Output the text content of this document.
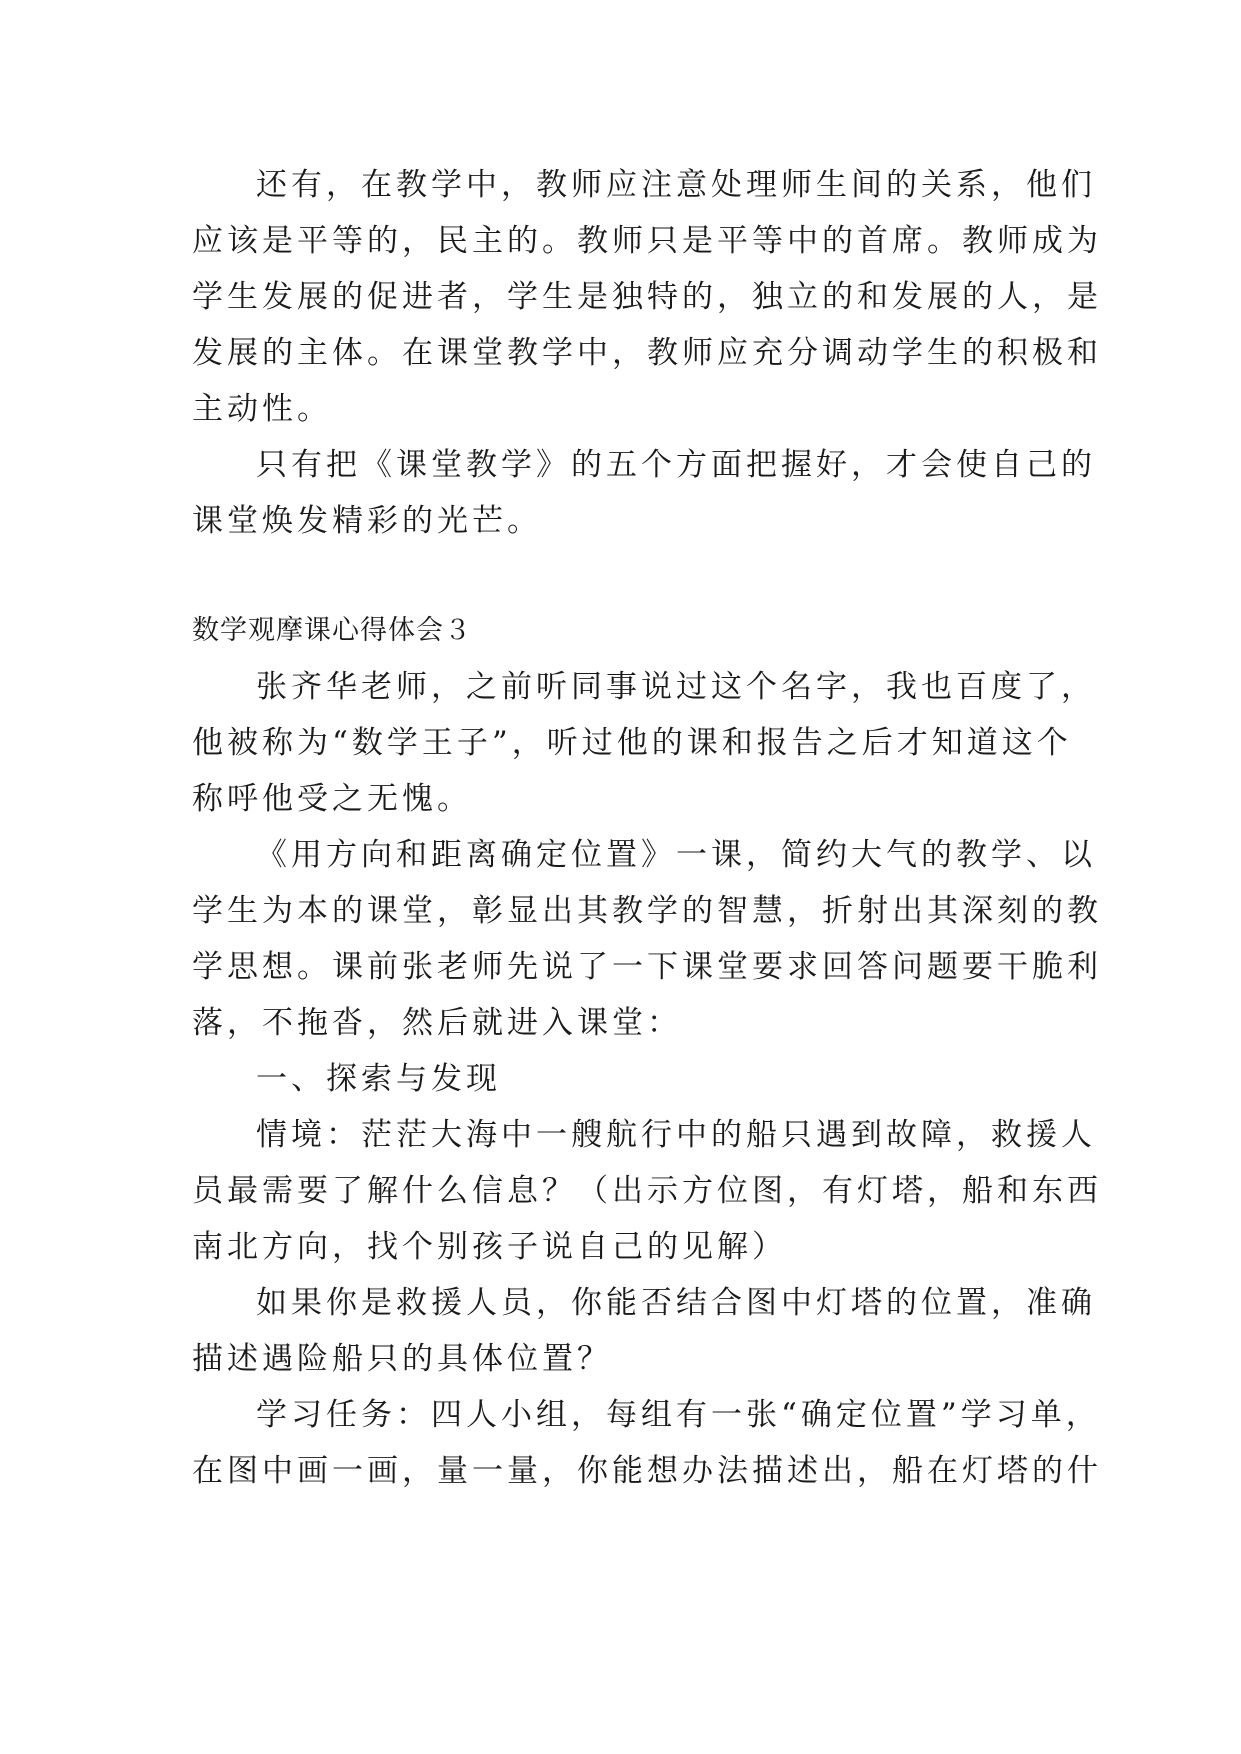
还有，在教学中，教师应注意处理师生间的关系，他们
应该是平等的，民主的。教师只是平等中的首席。教师成为
学生发展的促进者，学生是独特的，独立的和发展的人，是
发展的主体。在课堂教学中，教师应充分调动学生的积极和
主动性。
只有把《课堂教学》的五个方面把握好，才会使自己的
课堂焕发精彩的光芒。
数学观摩课心得体会３
张齐华老师，之前听同事说过这个名字，我也百度了，
他被称为“数学王子”，听过他的课和报告之后才知道这个
称呼他受之无愧。
《用方向和距离确定位置》一课，简约大气的教学、以
学生为本的课堂，彰显出其教学的智慧，折射出其深刻的教
学思想。课前张老师先说了一下课堂要求回答问题要干脆利
落，不拖沓，然后就进入课堂：
一、探索与发现
情境：茫茫大海中一艘航行中的船只遇到故障，救援人
员最需要了解什么信息？（出示方位图，有灯塔，船和东西
南北方向，找个别孩子说自己的见解）
如果你是救援人员，你能否结合图中灯塔的位置，准确
描述遇险船只的具体位置？
学习任务：四人小组，每组有一张“确定位置”学习单，
在图中画一画，量一量，你能想办法描述出，船在灯塔的什
